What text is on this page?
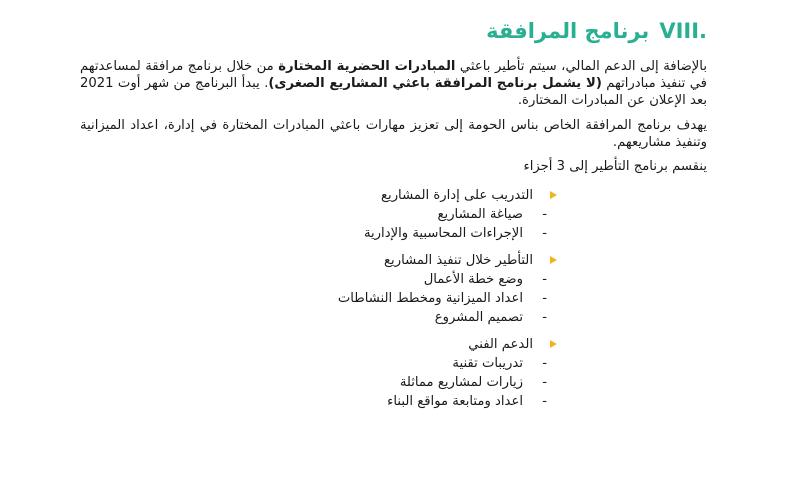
VIII.برنامج المرافقة

بالإضافة إلى الدعم المالي، سيتم تأطير باعثي المبادرات الحضرية المختارة من خلال برنامج مرافقة لمساعدتهم في تنفيذ مبادراتهم (لا يشمل برنامج المرافقة باعثي المشاريع الصغرى). يبدأ البرنامج من شهر أوت 2021 بعد الإعلان عن المبادرات المختارة.

يهدف برنامج المرافقة الخاص بناس الحومة إلى تعزيز مهارات باعثي المبادرات المختارة في إدارة، اعداد الميزانية وتنفيذ مشاريعهم.

ينقسم برنامج التأطير إلى 3 أجزاء

التدريب على إدارة المشاريع
-
صياغة المشاريع
-
الإجراءات المحاسبية والإدارية
التأطير خلال تنفيذ المشاريع
-
وضع خطة الأعمال
-
اعداد الميزانية ومخطط النشاطات
-
تصميم المشروع
الدعم الفني
-
تدريبات تقنية
-
زيارات لمشاريع مماثلة
-
اعداد ومتابعة مواقع البناء
